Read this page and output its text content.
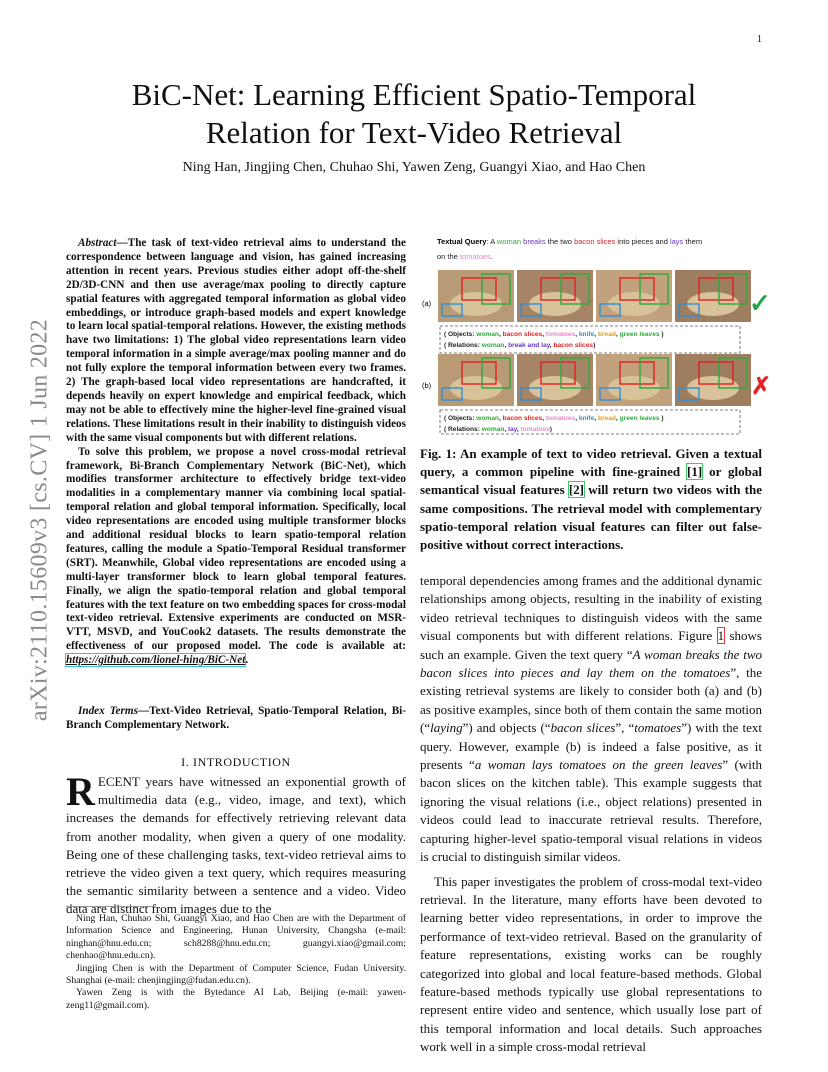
1
arXiv:2110.15609v3 [cs.CV] 1 Jun 2022
BiC-Net: Learning Efficient Spatio-Temporal
Relation for Text-Video Retrieval
Ning Han, Jingjing Chen, Chuhao Shi, Yawen Zeng, Guangyi Xiao, and Hao Chen

Abstract—The task of text-video retrieval aims to understand the correspondence between language and vision, has gained increasing attention in recent years. Previous studies either adopt off-the-shelf 2D/3D-CNN and then use average/max pooling to directly capture spatial features with aggregated temporal information as global video embeddings, or introduce graph-based models and expert knowledge to learn local spatial-temporal relations. However, the existing methods have two limitations: 1) The global video representations learn video temporal information in a simple average/max pooling manner and do not fully explore the temporal information between every two frames. 2) The graph-based local video representations are handcrafted, it depends heavily on expert knowledge and empirical feedback, which may not be able to effectively mine the higher-level fine-grained visual relations. These limitations result in their inability to distinguish videos with the same visual components but with different relations.

To solve this problem, we propose a novel cross-modal retrieval framework, Bi-Branch Complementary Network (BiC-Net), which modifies transformer architecture to effectively bridge text-video modalities in a complementary manner via combining local spatial-temporal relation and global temporal information. Specifically, local video representations are encoded using multiple transformer blocks and additional residual blocks to learn spatio-temporal relation features, calling the module a Spatio-Temporal Residual transformer (SRT). Meanwhile, Global video representations are encoded using a multi-layer transformer block to learn global temporal features. Finally, we align the spatio-temporal relation and global temporal features with the text feature on two embedding spaces for cross-modal text-video retrieval. Extensive experiments are conducted on MSR-VTT, MSVD, and YouCook2 datasets. The results demonstrate the effectiveness of our proposed model. The code is available at: https://github.com/lionel-hing/BiC-Net.

Index Terms—Text-Video Retrieval, Spatio-Temporal Relation, Bi-Branch Complementary Network.
I. INTRODUCTION
RECENT years have witnessed an exponential growth of multimedia data (e.g., video, image, and text), which increases the demands for effectively retrieving relevant data from another modality, when given a query of one modality. Being one of these challenging tasks, text-video retrieval aims to retrieve the video given a text query, which requires measuring the semantic similarity between a sentence and a video. Video data are distinct from images due to the

Ning Han, Chuhao Shi, Guangyi Xiao, and Hao Chen are with the Department of Information Science and Engineering, Hunan University, Changsha (e-mail: ninghan@hnu.edu.cn; sch8288@hnu.edu.cn; guangyi.xiao@gmail.com; chenhao@hnu.edu.cn).

Jingjing Chen is with the Department of Computer Science, Fudan University. Shanghai (e-mail: chenjingjing@fudan.edu.cn).

Yawen Zeng is with the Bytedance AI Lab, Beijing (e-mail: yawen-zeng11@gmail.com).

Textual Query: A woman breaks the two bacon slices into pieces and lays them
on the tomatoes.
(a)
(b)
✓
✗
( Objects: woman, bacon slices, tomatoes, knife, bread, green leaves )
( Relations: woman, break and lay, bacon slices)
( Objects: woman, bacon slices, tomatoes, knife, bread, green leaves )
( Relations: woman, lay, tomatoes)
Fig. 1: An example of text to video retrieval. Given a textual query, a common pipeline with fine-grained [1] or global semantical visual features [2] will return two videos with the same compositions. The retrieval model with complementary spatio-temporal relation visual features can filter out false-positive without correct interactions.

temporal dependencies among frames and the additional dynamic relationships among objects, resulting in the inability of existing video retrieval techniques to distinguish videos with the same visual components but with different relations. Figure 1 shows such an example. Given the text query “A woman breaks the two bacon slices into pieces and lay them on the tomatoes”, the existing retrieval systems are likely to consider both (a) and (b) as positive examples, since both of them contain the same motion (“laying”) and objects (“bacon slices”, “tomatoes”) with the text query. However, example (b) is indeed a false positive, as it presents “a woman lays tomatoes on the green leaves” (with bacon slices on the kitchen table). This example suggests that ignoring the visual relations (i.e., object relations) presented in videos could lead to inaccurate retrieval results. Therefore, capturing higher-level spatio-temporal visual relations in videos is crucial to distinguish similar videos.

This paper investigates the problem of cross-modal text-video retrieval. In the literature, many efforts have been devoted to learning better video representations, in order to improve the performance of text-video retrieval. Based on the granularity of feature representations, existing works can be roughly categorized into global and local feature-based methods. Global feature-based methods typically use global representations to represent entire video and sentence, which usually lose part of this temporal information and local details. Such approaches work well in a simple cross-modal retrieval
